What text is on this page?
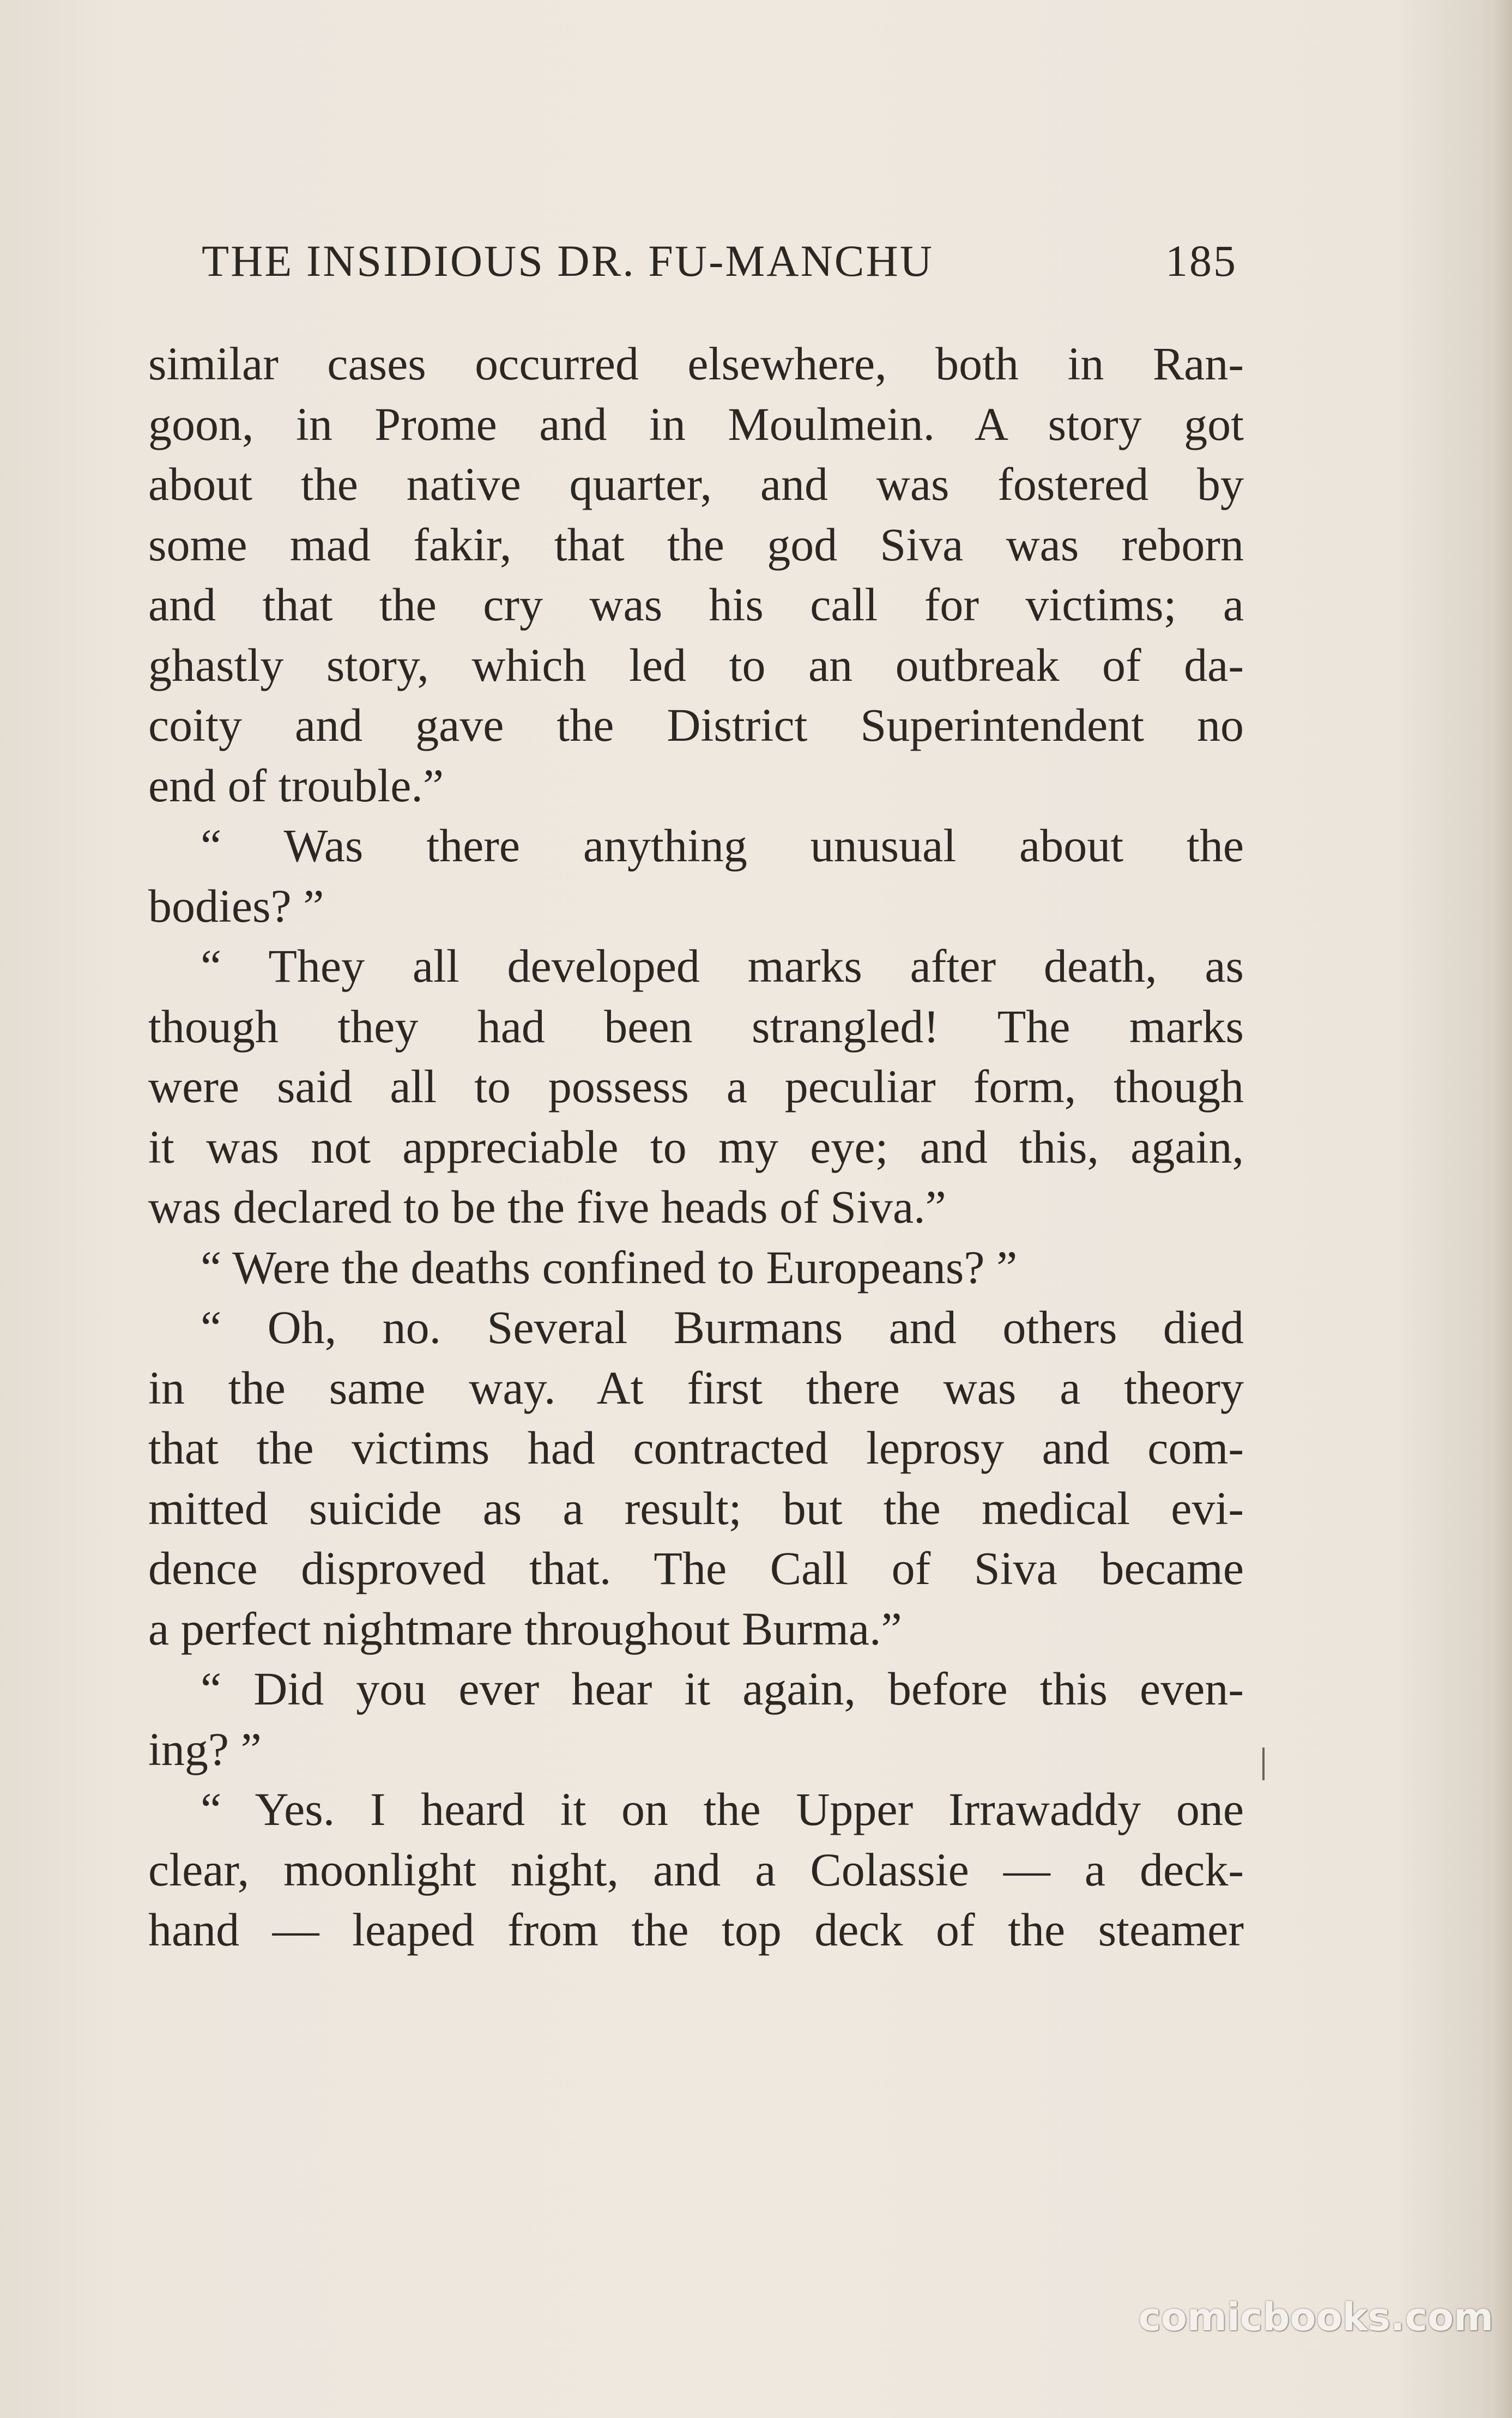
THE INSIDIOUS DR. FU-MANCHU	185
similar cases occurred elsewhere, both in Ran-
goon, in Prome and in Moulmein. A story got
about the native quarter, and was fostered by
some mad fakir, that the god Siva was reborn
and that the cry was his call for victims; a
ghastly story, which led to an outbreak of da-
coity and gave the District Superintendent no
end of trouble.”
“ Was there anything unusual about the
bodies? ”
“ They all developed marks after death, as
though they had been strangled! The marks
were said all to possess a peculiar form, though
it was not appreciable to my eye; and this, again,
was declared to be the five heads of Siva.”
“ Were the deaths confined to Europeans? ”
“ Oh, no. Several Burmans and others died
in the same way. At first there was a theory
that the victims had contracted leprosy and com-
mitted suicide as a result; but the medical evi-
dence disproved that. The Call of Siva became
a perfect nightmare throughout Burma.”
“ Did you ever hear it again, before this even-
ing? ”
“ Yes. I heard it on the Upper Irrawaddy one
clear, moonlight night, and a Colassie — a deck-
hand — leaped from the top deck of the steamer
comicbooks.com
